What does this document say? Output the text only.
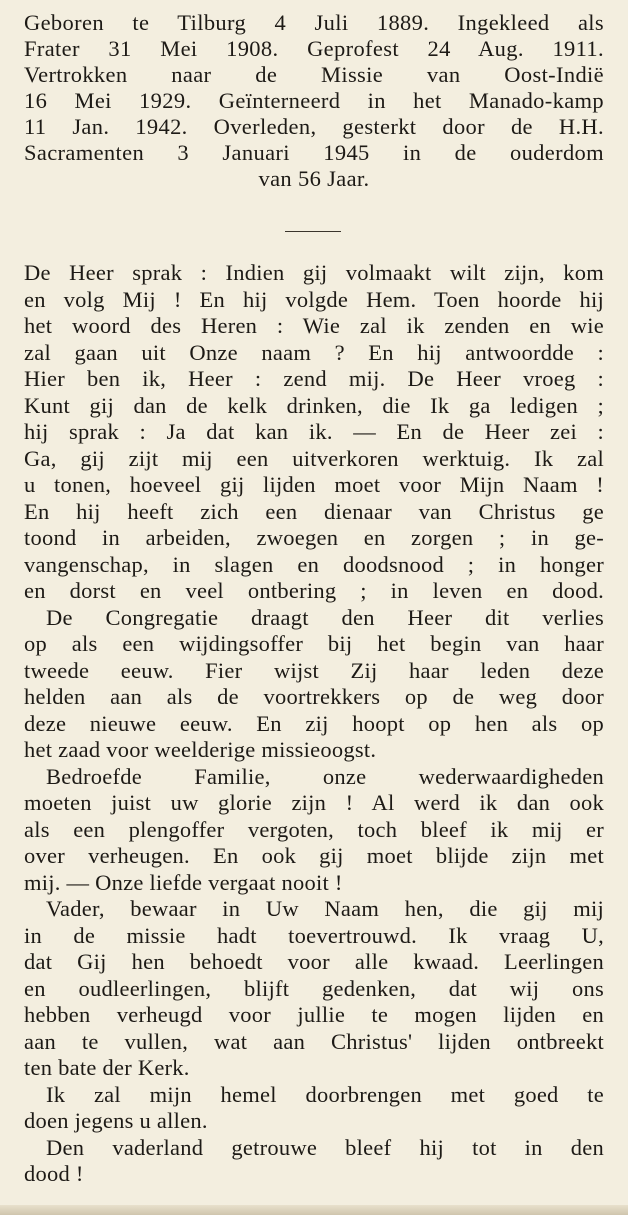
Geboren te Tilburg 4 Juli 1889. Ingekleed als
Frater 31 Mei 1908. Geprofest 24 Aug. 1911.
Vertrokken naar de Missie van Oost-Indië
16 Mei 1929. Geïnterneerd in het Manado-kamp
11 Jan. 1942. Overleden, gesterkt door de H.H.
Sacramenten 3 Januari 1945 in de ouderdom
van 56 Jaar.
De Heer sprak : Indien gij volmaakt wilt zijn, kom
en volg Mij ! En hij volgde Hem. Toen hoorde hij
het woord des Heren : Wie zal ik zenden en wie
zal gaan uit Onze naam ? En hij antwoordde :
Hier ben ik, Heer : zend mij. De Heer vroeg :
Kunt gij dan de kelk drinken, die Ik ga ledigen ;
hij sprak : Ja dat kan ik. — En de Heer zei :
Ga, gij zijt mij een uitverkoren werktuig. Ik zal
u tonen, hoeveel gij lijden moet voor Mijn Naam !
En hij heeft zich een dienaar van Christus ge
toond in arbeiden, zwoegen en zorgen ; in ge-
vangenschap, in slagen en doodsnood ; in honger
en dorst en veel ontbering ; in leven en dood.
De Congregatie draagt den Heer dit verlies
op als een wijdingsoffer bij het begin van haar
tweede eeuw. Fier wijst Zij haar leden deze
helden aan als de voortrekkers op de weg door
deze nieuwe eeuw. En zij hoopt op hen als op
het zaad voor weelderige missieoogst.
Bedroefde Familie, onze wederwaardigheden
moeten juist uw glorie zijn ! Al werd ik dan ook
als een plengoffer vergoten, toch bleef ik mij er
over verheugen. En ook gij moet blijde zijn met
mij. — Onze liefde vergaat nooit !
Vader, bewaar in Uw Naam hen, die gij mij
in de missie hadt toevertrouwd. Ik vraag U,
dat Gij hen behoedt voor alle kwaad. Leerlingen
en oudleerlingen, blijft gedenken, dat wij ons
hebben verheugd voor jullie te mogen lijden en
aan te vullen, wat aan Christus' lijden ontbreekt
ten bate der Kerk.
Ik zal mijn hemel doorbrengen met goed te
doen jegens u allen.
Den vaderland getrouwe bleef hij tot in den
dood !
